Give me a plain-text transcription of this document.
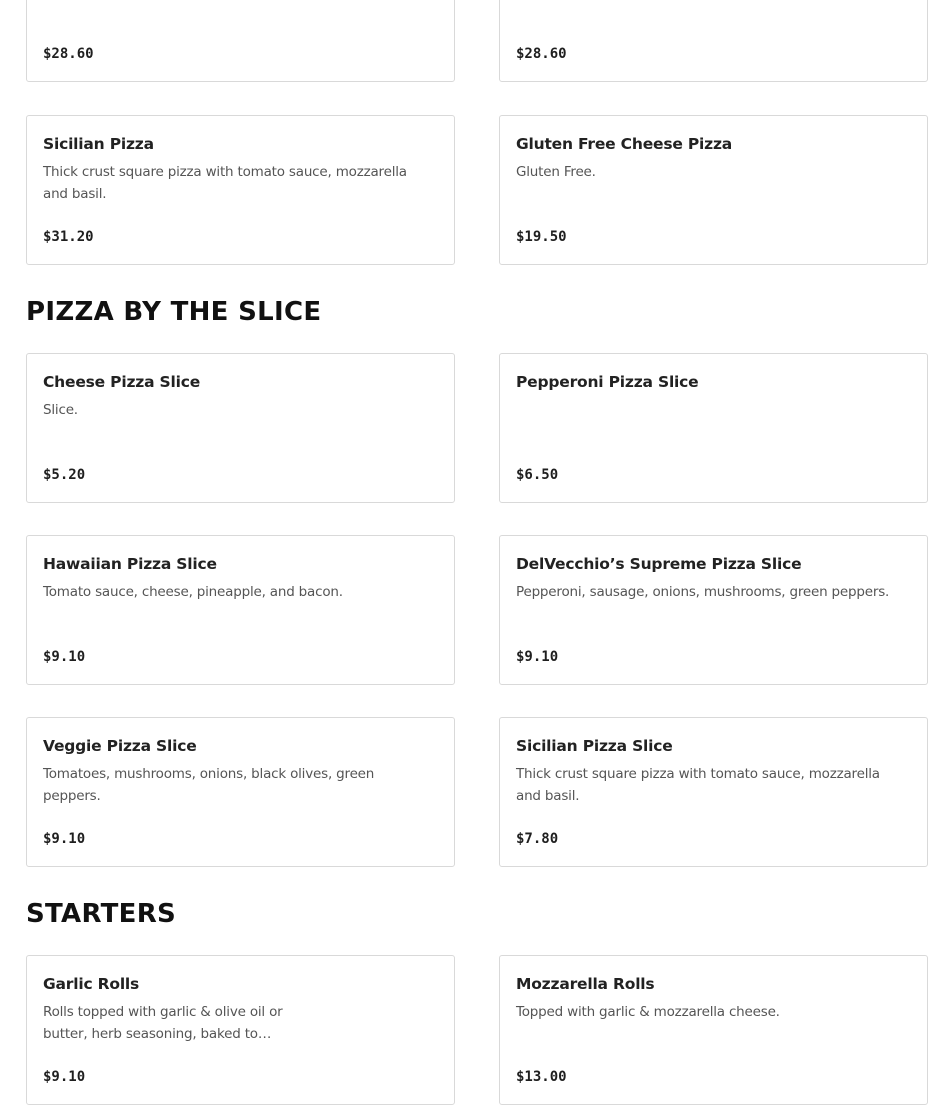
$28.60	$28.60
Sicilian Pizza
Thick crust square pizza with tomato sauce, mozzarella and basil.
$31.20
Gluten Free Cheese Pizza
Gluten Free.
$19.50
PIZZA BY THE SLICE
Cheese Pizza Slice
Slice.
$5.20
Pepperoni Pizza Slice
$6.50
Hawaiian Pizza Slice
Tomato sauce, cheese, pineapple, and bacon.
$9.10
DelVecchio’s Supreme Pizza Slice
Pepperoni, sausage, onions, mushrooms, green peppers.
$9.10
Veggie Pizza Slice
Tomatoes, mushrooms, onions, black olives, green peppers.
$9.10
Sicilian Pizza Slice
Thick crust square pizza with tomato sauce, mozzarella and basil.
$7.80
STARTERS
Garlic Rolls
Rolls topped with garlic & olive oil or butter, herb seasoning, baked to…
$9.10
Mozzarella Rolls
Topped with garlic & mozzarella cheese.
$13.00
